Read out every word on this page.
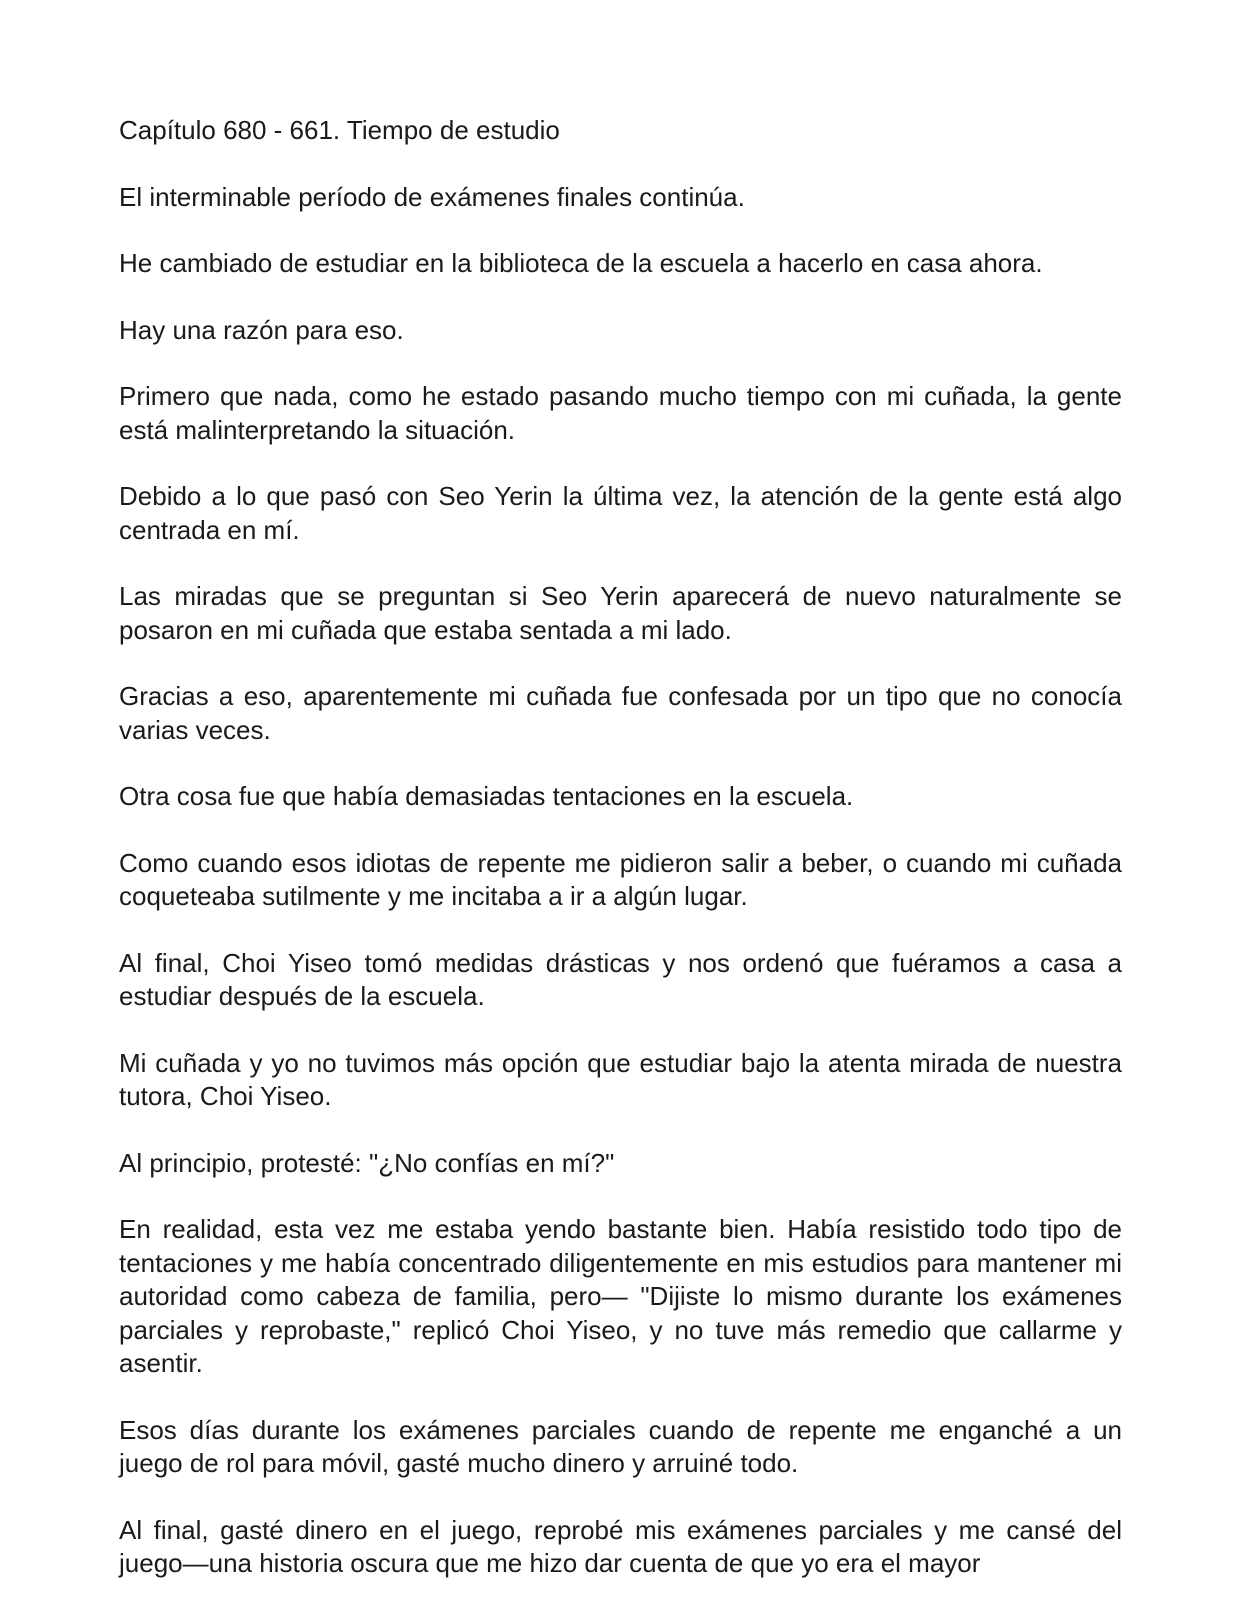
Capítulo 680 - 661. Tiempo de estudio

El interminable período de exámenes finales continúa.

He cambiado de estudiar en la biblioteca de la escuela a hacerlo en casa ahora.

Hay una razón para eso.

Primero que nada, como he estado pasando mucho tiempo con mi cuñada, la gente está malinterpretando la situación.

Debido a lo que pasó con Seo Yerin la última vez, la atención de la gente está algo centrada en mí.

Las miradas que se preguntan si Seo Yerin aparecerá de nuevo naturalmente se posaron en mi cuñada que estaba sentada a mi lado.

Gracias a eso, aparentemente mi cuñada fue confesada por un tipo que no conocía varias veces.

Otra cosa fue que había demasiadas tentaciones en la escuela.

Como cuando esos idiotas de repente me pidieron salir a beber, o cuando mi cuñada coqueteaba sutilmente y me incitaba a ir a algún lugar.

Al final, Choi Yiseo tomó medidas drásticas y nos ordenó que fuéramos a casa a estudiar después de la escuela.

Mi cuñada y yo no tuvimos más opción que estudiar bajo la atenta mirada de nuestra tutora, Choi Yiseo.

Al principio, protesté: "¿No confías en mí?"

En realidad, esta vez me estaba yendo bastante bien. Había resistido todo tipo de tentaciones y me había concentrado diligentemente en mis estudios para mantener mi autoridad como cabeza de familia, pero— "Dijiste lo mismo durante los exámenes parciales y reprobaste," replicó Choi Yiseo, y no tuve más remedio que callarme y asentir.

Esos días durante los exámenes parciales cuando de repente me enganché a un juego de rol para móvil, gasté mucho dinero y arruiné todo.

Al final, gasté dinero en el juego, reprobé mis exámenes parciales y me cansé del juego—una historia oscura que me hizo dar cuenta de que yo era el mayor
